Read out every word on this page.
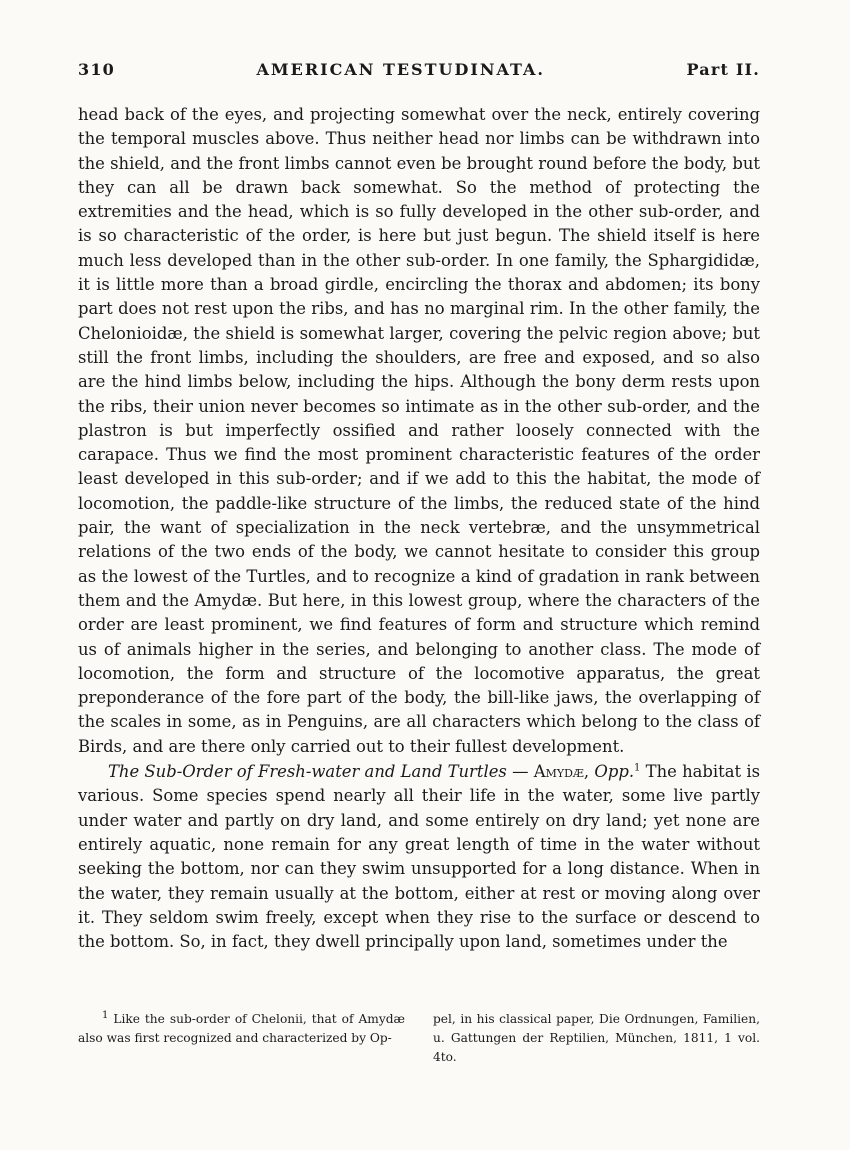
310	AMERICAN TESTUDINATA.	Part II.

head back of the eyes, and projecting somewhat over the neck, entirely covering the temporal muscles above. Thus neither head nor limbs can be withdrawn into the shield, and the front limbs cannot even be brought round before the body, but they can all be drawn back somewhat. So the method of protecting the extremities and the head, which is so fully developed in the other sub-order, and is so characteristic of the order, is here but just begun. The shield itself is here much less developed than in the other sub-order. In one family, the Sphargididæ, it is little more than a broad girdle, encircling the thorax and abdomen; its bony part does not rest upon the ribs, and has no marginal rim. In the other family, the Chelonioidæ, the shield is somewhat larger, covering the pelvic region above; but still the front limbs, including the shoulders, are free and exposed, and so also are the hind limbs below, including the hips. Although the bony derm rests upon the ribs, their union never becomes so intimate as in the other sub-order, and the plastron is but imperfectly ossified and rather loosely connected with the carapace. Thus we find the most prominent characteristic features of the order least developed in this sub-order; and if we add to this the habitat, the mode of locomotion, the paddle-like structure of the limbs, the reduced state of the hind pair, the want of specialization in the neck vertebræ, and the unsymmetrical relations of the two ends of the body, we cannot hesitate to consider this group as the lowest of the Turtles, and to recognize a kind of gradation in rank between them and the Amydæ. But here, in this lowest group, where the characters of the order are least prominent, we find features of form and structure which remind us of animals higher in the series, and belonging to another class. The mode of locomotion, the form and structure of the locomotive apparatus, the great preponderance of the fore part of the body, the bill-like jaws, the overlapping of the scales in some, as in Penguins, are all characters which belong to the class of Birds, and are there only carried out to their fullest development.

The Sub-Order of Fresh-water and Land Turtles — Amydæ, Opp.$^1$ The habitat is various. Some species spend nearly all their life in the water, some live partly under water and partly on dry land, and some entirely on dry land; yet none are entirely aquatic, none remain for any great length of time in the water without seeking the bottom, nor can they swim unsupported for a long distance. When in the water, they remain usually at the bottom, either at rest or moving along over it. They seldom swim freely, except when they rise to the surface or descend to the bottom. So, in fact, they dwell principally upon land, sometimes under the

$^1$ Like the sub-order of Chelonii, that of Amydæ also was first recognized and characterized by Op-
pel, in his classical paper, Die Ordnungen, Familien, u. Gattungen der Reptilien, München, 1811, 1 vol. 4to.
